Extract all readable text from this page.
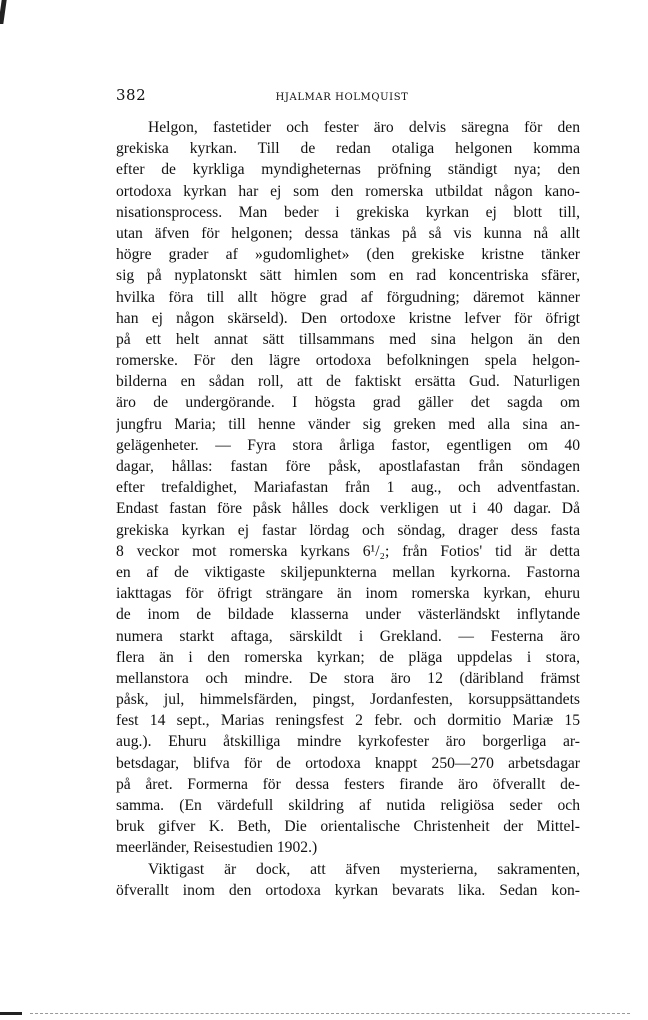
382	HJALMAR HOLMQUIST
Helgon, fastetider och fester äro delvis säregna för den
grekiska kyrkan. Till de redan otaliga helgonen komma
efter de kyrkliga myndigheternas pröfning ständigt nya; den
ortodoxa kyrkan har ej som den romerska utbildat någon kano-
nisationsprocess. Man beder i grekiska kyrkan ej blott till,
utan äfven för helgonen; dessa tänkas på så vis kunna nå allt
högre grader af »gudomlighet» (den grekiske kristne tänker
sig på nyplatonskt sätt himlen som en rad koncentriska sfärer,
hvilka föra till allt högre grad af förgudning; däremot känner
han ej någon skärseld). Den ortodoxe kristne lefver för öfrigt
på ett helt annat sätt tillsammans med sina helgon än den
romerske. För den lägre ortodoxa befolkningen spela helgon-
bilderna en sådan roll, att de faktiskt ersätta Gud. Naturligen
äro de undergörande. I högsta grad gäller det sagda om
jungfru Maria; till henne vänder sig greken med alla sina an-
gelägenheter. — Fyra stora årliga fastor, egentligen om 40
dagar, hållas: fastan före påsk, apostlafastan från söndagen
efter trefaldighet, Mariafastan från 1 aug., och adventfastan.
Endast fastan före påsk hålles dock verkligen ut i 40 dagar. Då
grekiska kyrkan ej fastar lördag och söndag, drager dess fasta
8 veckor mot romerska kyrkans 6¹/₂; från Fotios' tid är detta
en af de viktigaste skiljepunkterna mellan kyrkorna. Fastorna
iakttagas för öfrigt strängare än inom romerska kyrkan, ehuru
de inom de bildade klasserna under västerländskt inflytande
numera starkt aftaga, särskildt i Grekland. — Festerna äro
flera än i den romerska kyrkan; de pläga uppdelas i stora,
mellanstora och mindre. De stora äro 12 (däribland främst
påsk, jul, himmelsfärden, pingst, Jordanfesten, korsuppsättandets
fest 14 sept., Marias reningsfest 2 febr. och dormitio Mariæ 15
aug.). Ehuru åtskilliga mindre kyrkofester äro borgerliga ar-
betsdagar, blifva för de ortodoxa knappt 250—270 arbetsdagar
på året. Formerna för dessa festers firande äro öfverallt de-
samma. (En värdefull skildring af nutida religiösa seder och
bruk gifver K. Beth, Die orientalische Christenheit der Mittel-
meerländer, Reisestudien 1902.)
Viktigast är dock, att äfven mysterierna, sakramenten,
öfverallt inom den ortodoxa kyrkan bevarats lika. Sedan kon-
